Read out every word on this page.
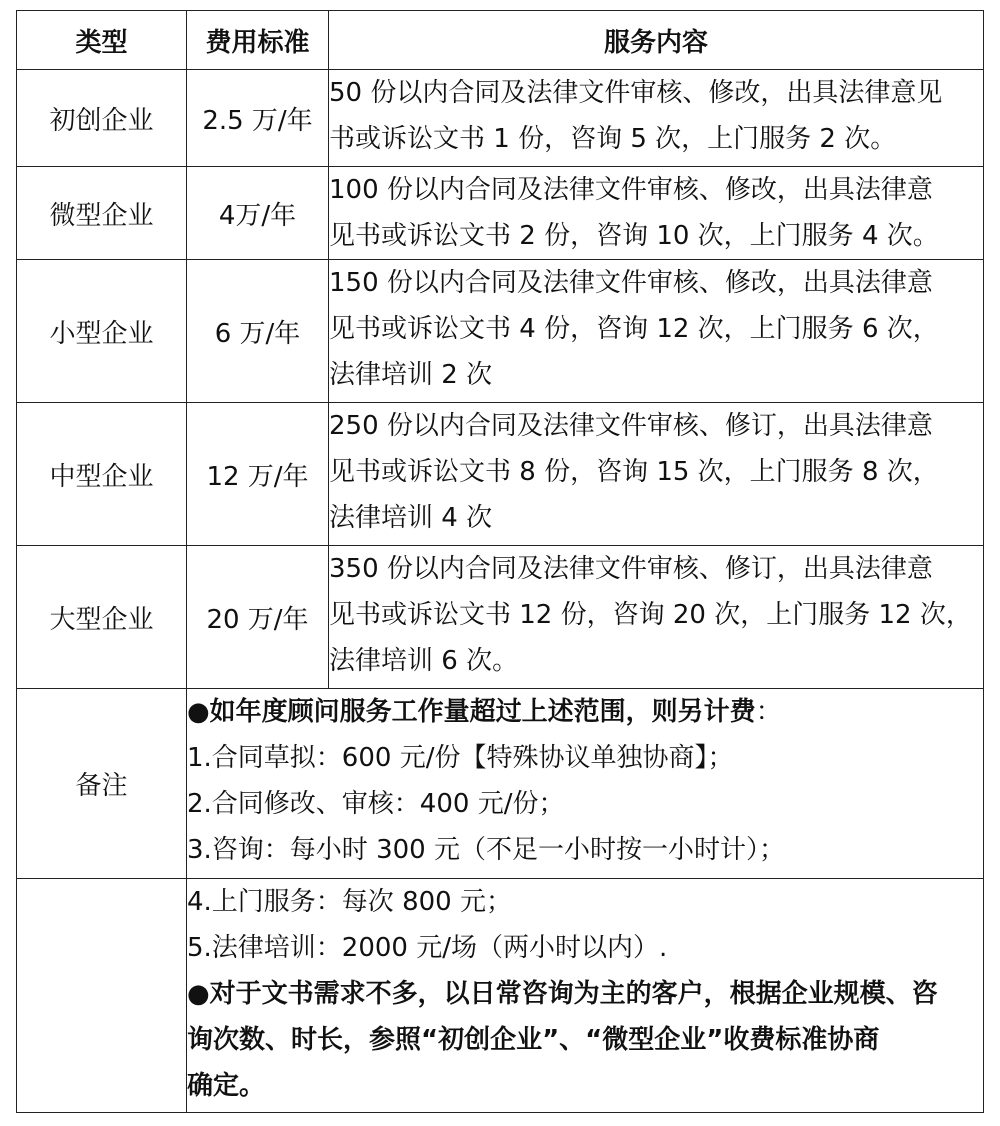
类型	费用标准	服务内容
初创企业	2.5 万/年	50 份以内合同及法律文件审核、修改，出具法律意见

书或诉讼文书 1 份，咨询 5 次，上门服务 2 次。

微型企业	4万/年	100 份以内合同及法律文件审核、修改，出具法律意

见书或诉讼文书 2 份，咨询 10 次，上门服务 4 次。

小型企业	6 万/年	150 份以内合同及法律文件审核、修改，出具法律意

见书或诉讼文书 4 份，咨询 12 次，上门服务 6 次，

法律培训 2 次

中型企业	12 万/年	250 份以内合同及法律文件审核、修订，出具法律意

见书或诉讼文书 8 份，咨询 15 次，上门服务 8 次，

法律培训 4 次

大型企业	20 万/年	350 份以内合同及法律文件审核、修订，出具法律意

见书或诉讼文书 12 份，咨询 20 次，上门服务 12 次，

法律培训 6 次。

备注	●如年度顾问服务工作量超过上述范围，则另计费：

1.合同草拟：600 元/份【特殊协议单独协商】；

2.合同修改、审核：400 元/份；

3.咨询：每小时 300 元（不足一小时按一小时计）；	

	4.上门服务：每次 800 元；

5.法律培训：2000 元/场（两小时以内）.

●对于文书需求不多，以日常咨询为主的客户，根据企业规模、咨

询次数、时长，参照“初创企业”、“微型企业”收费标准协商

确定。	
